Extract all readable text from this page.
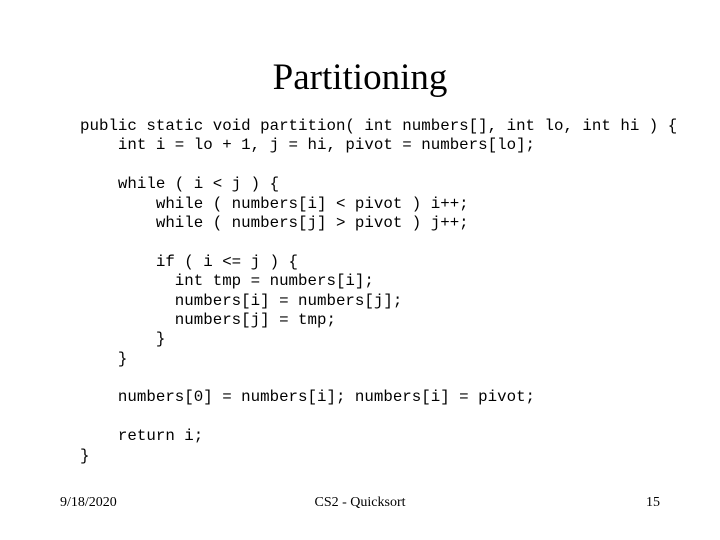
Partitioning
public static void partition( int numbers[], int lo, int hi ) {
int i = lo + 1, j = hi, pivot = numbers[lo];
while ( i < j ) {
while ( numbers[i] < pivot ) i++;
while ( numbers[j] > pivot ) j++;
if ( i <= j ) {
int tmp = numbers[i];
numbers[i] = numbers[j];
numbers[j] = tmp;
}
}
numbers[0] = numbers[i]; numbers[i] = pivot;
return i;
}
9/18/2020	CS2 - Quicksort	15
